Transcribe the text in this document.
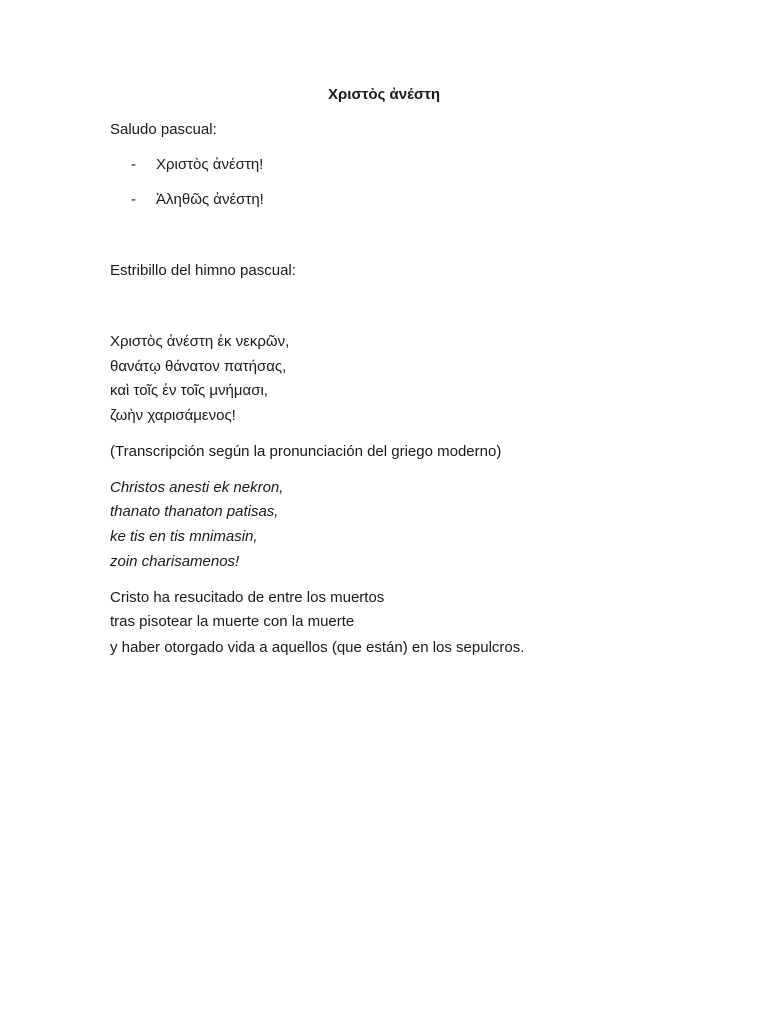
Χριστὸς ἀνέστη
Saludo pascual:
- Χριστὸς ἀνέστη!
- Ἀληθῶς ἀνέστη!
Estribillo del himno pascual:
Χριστὸς ἀνέστη ἐκ νεκρῶν,
θανάτῳ θάνατον πατήσας,
καὶ τοῖς ἐν τοῖς μνήμασι,
ζωὴν χαρισάμενος!
(Transcripción según la pronunciación del griego moderno)
Christos anesti ek nekron,
thanato thanaton patisas,
ke tis en tis mnimasin,
zoin charisamenos!
Cristo ha resucitado de entre los muertos
tras pisotear la muerte con la muerte
y haber otorgado vida a aquellos (que están) en los sepulcros.
